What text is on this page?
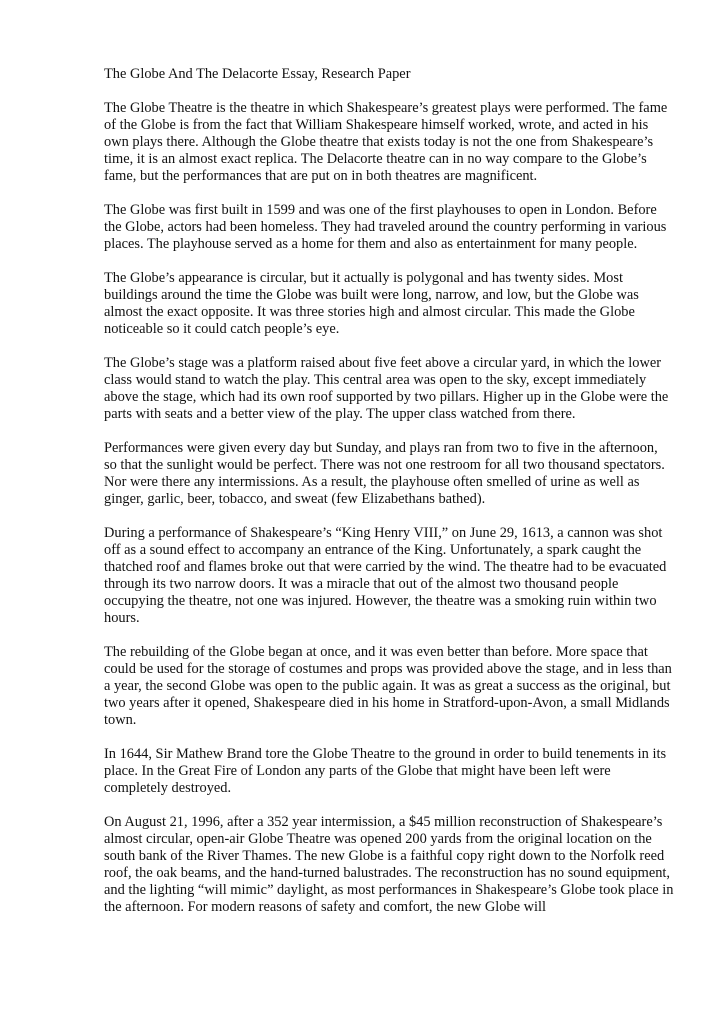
The Globe And The Delacorte Essay, Research Paper

The Globe Theatre is the theatre in which Shakespeare’s greatest plays were performed. The fame of the Globe is from the fact that William Shakespeare himself worked, wrote, and acted in his own plays there. Although the Globe theatre that exists today is not the one from Shakespeare’s time, it is an almost exact replica. The Delacorte theatre can in no way compare to the Globe’s fame, but the performances that are put on in both theatres are magnificent.

The Globe was first built in 1599 and was one of the first playhouses to open in London. Before the Globe, actors had been homeless. They had traveled around the country performing in various places. The playhouse served as a home for them and also as entertainment for many people.

The Globe’s appearance is circular, but it actually is polygonal and has twenty sides. Most buildings around the time the Globe was built were long, narrow, and low, but the Globe was almost the exact opposite. It was three stories high and almost circular. This made the Globe noticeable so it could catch people’s eye.

The Globe’s stage was a platform raised about five feet above a circular yard, in which the lower class would stand to watch the play. This central area was open to the sky, except immediately above the stage, which had its own roof supported by two pillars. Higher up in the Globe were the parts with seats and a better view of the play. The upper class watched from there.

Performances were given every day but Sunday, and plays ran from two to five in the afternoon, so that the sunlight would be perfect. There was not one restroom for all two thousand spectators. Nor were there any intermissions. As a result, the playhouse often smelled of urine as well as ginger, garlic, beer, tobacco, and sweat (few Elizabethans bathed).

During a performance of Shakespeare’s “King Henry VIII,” on June 29, 1613, a cannon was shot off as a sound effect to accompany an entrance of the King. Unfortunately, a spark caught the thatched roof and flames broke out that were carried by the wind. The theatre had to be evacuated through its two narrow doors. It was a miracle that out of the almost two thousand people occupying the theatre, not one was injured. However, the theatre was a smoking ruin within two hours.

The rebuilding of the Globe began at once, and it was even better than before. More space that could be used for the storage of costumes and props was provided above the stage, and in less than a year, the second Globe was open to the public again. It was as great a success as the original, but two years after it opened, Shakespeare died in his home in Stratford-upon-Avon, a small Midlands town.

In 1644, Sir Mathew Brand tore the Globe Theatre to the ground in order to build tenements in its place. In the Great Fire of London any parts of the Globe that might have been left were completely destroyed.

On August 21, 1996, after a 352 year intermission, a $45 million reconstruction of Shakespeare’s almost circular, open-air Globe Theatre was opened 200 yards from the original location on the south bank of the River Thames. The new Globe is a faithful copy right down to the Norfolk reed roof, the oak beams, and the hand-turned balustrades. The reconstruction has no sound equipment, and the lighting “will mimic” daylight, as most performances in Shakespeare’s Globe took place in the afternoon. For modern reasons of safety and comfort, the new Globe will
